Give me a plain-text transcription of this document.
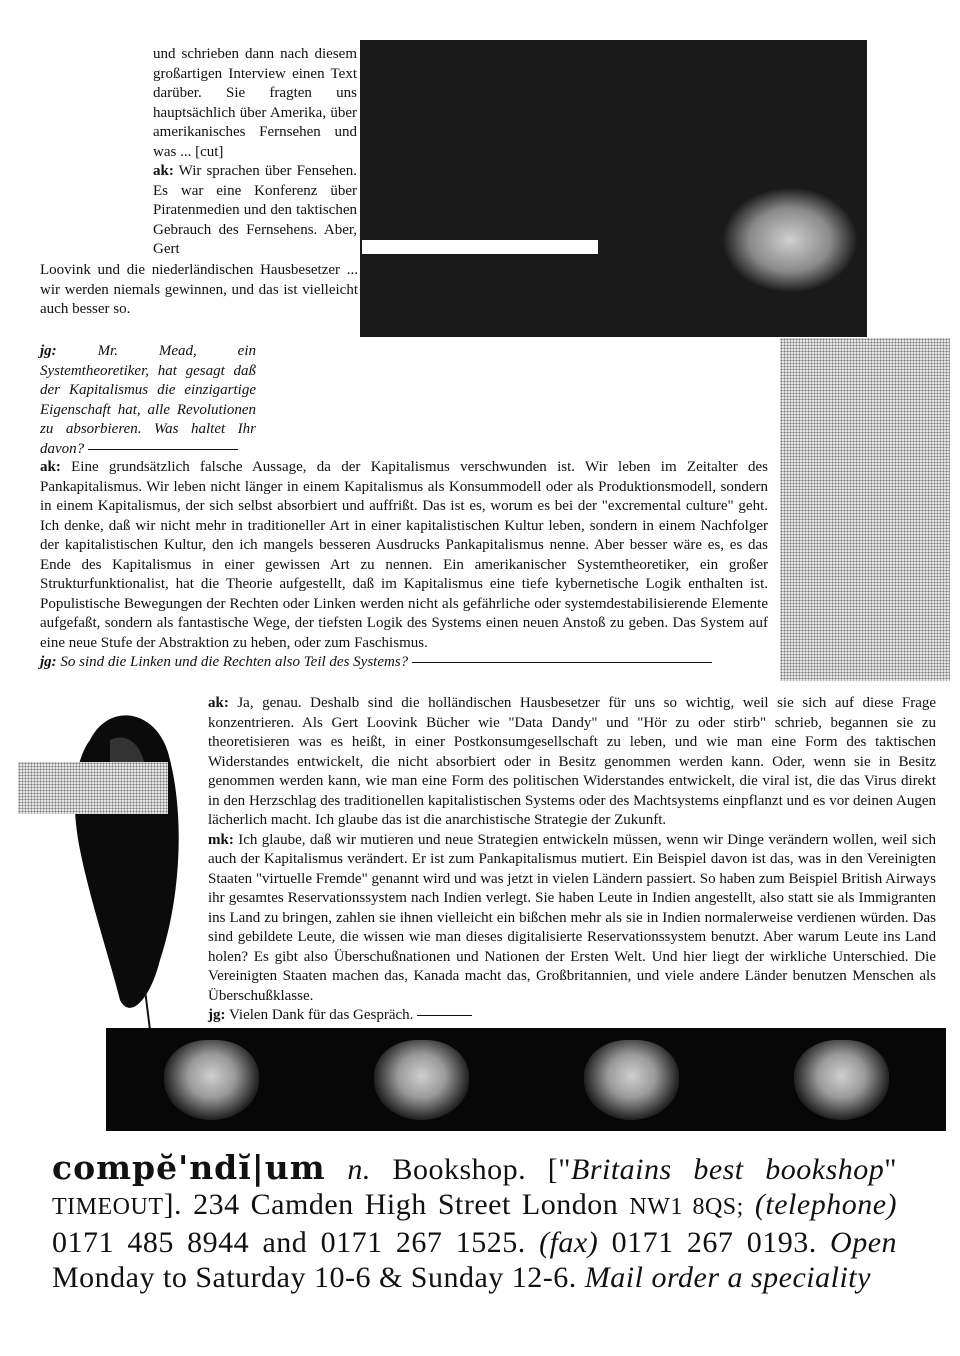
und schrieben dann nach diesem großartigen Interview einen Text darüber. Sie fragten uns hauptsächlich über Amerika, über amerikanisches Fernsehen und was ... [cut]
ak: Wir sprachen über Fensehen. Es war eine Konferenz über Piratenmedien und den taktischen Gebrauch des Fernsehens. Aber, Gert
Loovink und die niederländischen Hausbesetzer ... wir werden niemals gewinnen, und das ist vielleicht auch besser so.
jg:	Mr. Mead, ein Systemtheoretiker, hat gesagt daß der Kapitalismus die einzigartige Eigenschaft hat, alle Revolutionen zu absorbieren. Was haltet Ihr davon?
ak: Eine grundsätzlich falsche Aussage, da der Kapitalismus verschwunden ist. Wir leben im Zeitalter des Pankapitalismus. Wir leben nicht länger in einem Kapitalismus als Konsummodell oder als Produktionsmodell, sondern in einem Kapitalismus, der sich selbst absorbiert und auffrißt. Das ist es, worum es bei der "excremental culture" geht. Ich denke, daß wir nicht mehr in traditioneller Art in einer kapitalistischen Kultur leben, sondern in einem Nachfolger der kapitalistischen Kultur, den ich mangels besseren Ausdrucks Pankapitalismus nenne. Aber besser wäre es, es das Ende des Kapitalismus in einer gewissen Art zu nennen. Ein amerikanischer Systemtheoretiker, ein großer Strukturfunktionalist, hat die Theorie aufgestellt, daß im Kapitalismus eine tiefe kybernetische Logik enthalten ist. Populistische Bewegungen der Rechten oder Linken werden nicht als gefährliche oder systemdestabilisierende Elemente aufgefaßt, sondern als fantastische Wege, der tiefsten Logik des Systems einen neuen Anstoß zu geben. Das System auf eine neue Stufe der Abstraktion zu heben, oder zum Faschismus.
jg: So sind die Linken und die Rechten also Teil des Systems?
ak: Ja, genau. Deshalb sind die holländischen Hausbesetzer für uns so wichtig, weil sie sich auf diese Frage konzentrieren. Als Gert Loovink Bücher wie "Data Dandy" und "Hör zu oder stirb" schrieb, begannen sie zu theoretisieren was es heißt, in einer Postkonsumgesellschaft zu leben, und wie man eine Form des taktischen Widerstandes entwickelt, die nicht absorbiert oder in Besitz genommen werden kann. Oder, wenn sie in Besitz genommen werden kann, wie man eine Form des politischen Widerstandes entwickelt, die viral ist, die das Virus direkt in den Herzschlag des traditionellen kapitalistischen Systems oder des Machtsystems einpflanzt und es vor deinen Augen lächerlich macht. Ich glaube das ist die anarchistische Strategie der Zukunft.
mk: Ich glaube, daß wir mutieren und neue Strategien entwickeln müssen, wenn wir Dinge verändern wollen, weil sich auch der Kapitalismus verändert. Er ist zum Pankapitalismus mutiert. Ein Beispiel davon ist das, was in den Vereinigten Staaten "virtuelle Fremde" genannt wird und was jetzt in vielen Ländern passiert. So haben zum Beispiel British Airways ihr gesamtes Reservationssystem nach Indien verlegt. Sie haben Leute in Indien angestellt, also statt sie als Immigranten ins Land zu bringen, zahlen sie ihnen vielleicht ein bißchen mehr als sie in Indien normalerweise verdienen würden. Das sind gebildete Leute, die wissen wie man dieses digitalisierte Reservationssystem benutzt. Aber warum Leute ins Land holen? Es gibt also Überschußnationen und Nationen der Ersten Welt. Und hier liegt der wirkliche Unterschied. Die Vereinigten Staaten machen das, Kanada macht das, Großbritannien, und viele andere Länder benutzen Menschen als Überschußklasse.
jg: Vielen Dank für das Gespräch.
compĕ'ndĭ|um n. Bookshop. ["Britains best bookshop" TIMEOUT]. 234 Camden High Street London NW1 8QS; (telephone) 0171 485 8944 and 0171 267 1525. (fax) 0171 267 0193. Open Monday to Saturday 10-6 & Sunday 12-6. Mail order a speciality
